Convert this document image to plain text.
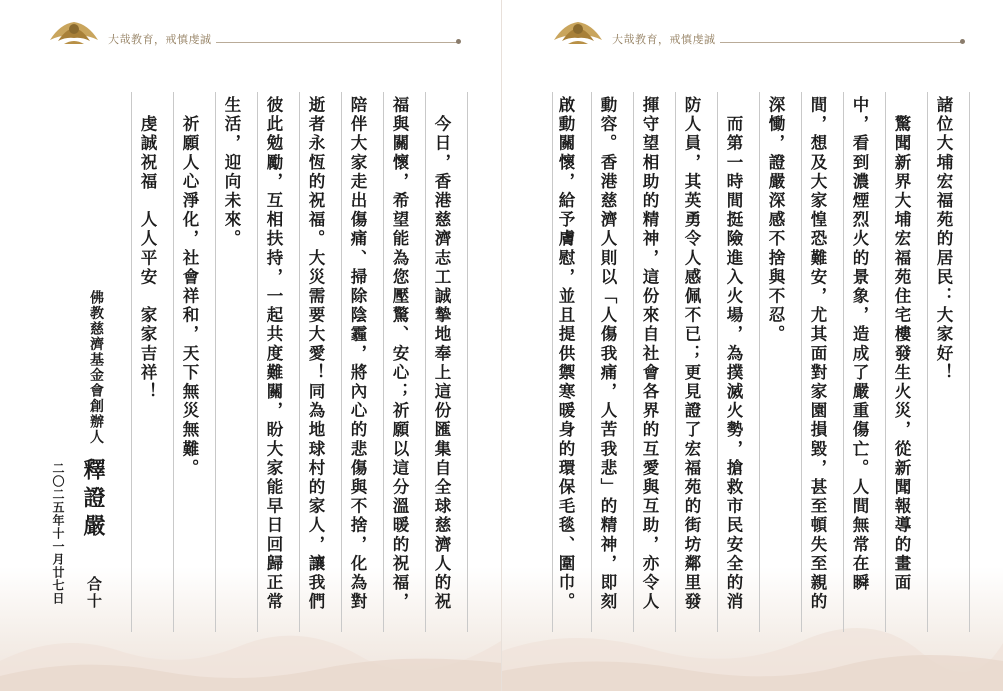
大哉教育，戒慎虔誠
　今日，香港慈濟志工誠摯地奉上這份匯集自全球慈濟人的祝
福與關懷，希望能為您壓驚、安心；祈願以這分溫暖的祝福，
陪伴大家走出傷痛、掃除陰霾，將內心的悲傷與不捨，化為對
逝者永恆的祝福。大災需要大愛！同為地球村的家人，讓我們
彼此勉勵，互相扶持，一起共度難關，盼大家能早日回歸正常
生活，迎向未來。
　祈願人心淨化，社會祥和，天下無災無難。
　虔誠祝福　人人平安　家家吉祥！
佛教慈濟基金會創辦人
釋證嚴
合十
二〇二五年十一月廿七日
大哉教育，戒慎虔誠
諸位大埔宏福苑的居民：大家好！
　驚聞新界大埔宏福苑住宅樓發生火災，從新聞報導的畫面
中，看到濃煙烈火的景象，造成了嚴重傷亡。人間無常在瞬
間，想及大家惶恐難安，尤其面對家園損毀，甚至頓失至親的
深慟，證嚴深感不捨與不忍。
　而第一時間挺險進入火場，為撲滅火勢，搶救市民安全的消
防人員，其英勇令人感佩不已；更見證了宏福苑的街坊鄰里發
揮守望相助的精神，這份來自社會各界的互愛與互助，亦令人
動容。香港慈濟人則以「人傷我痛，人苦我悲」的精神，即刻
啟動關懷，給予膚慰，並且提供禦寒暖身的環保毛毯、圍巾。
